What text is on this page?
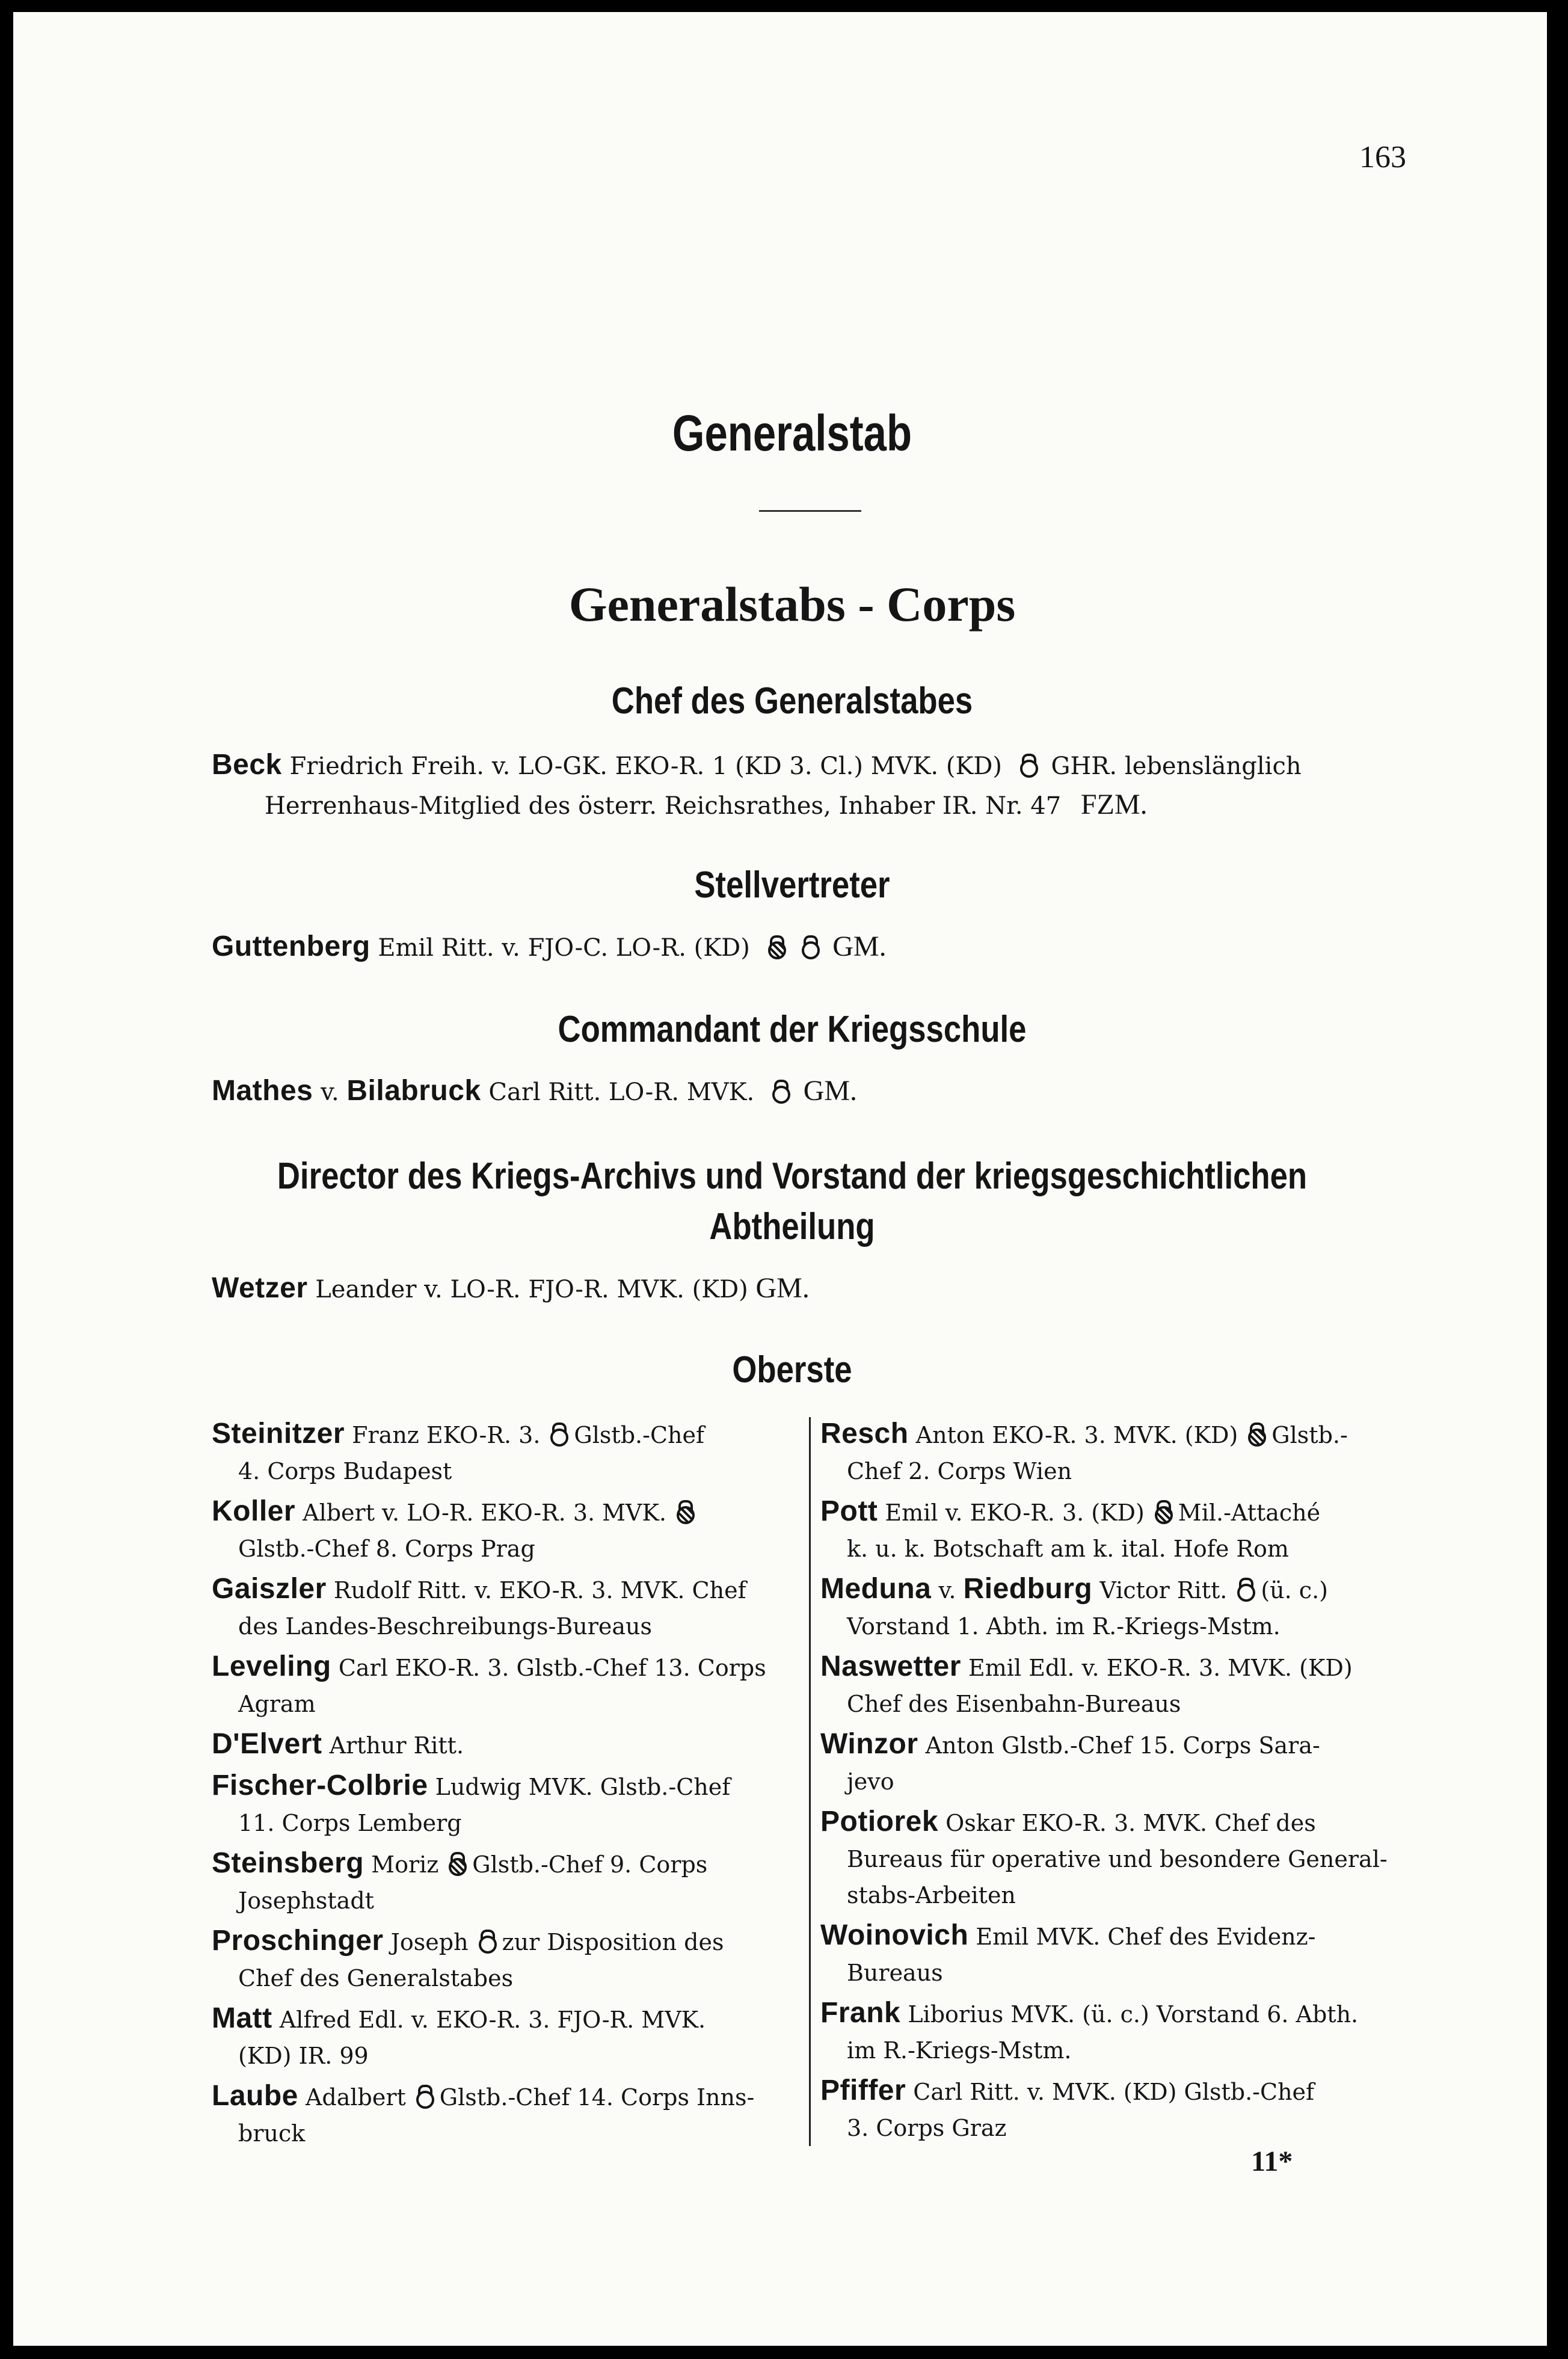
163
Generalstab
Generalstabs - Corps
Chef des Generalstabes
Beck Friedrich Freih. v. LO-GK. EKO-R. 1 (KD 3. Cl.) MVK. (KD) GHR. lebenslänglich
Herrenhaus-Mitglied des österr. Reichsrathes, Inhaber IR. Nr. 47 FZM.
Stellvertreter
Guttenberg Emil Ritt. v. FJO-C. LO-R. (KD)	GM.
Commandant der Kriegsschule
Mathes v. Bilabruck Carl Ritt. LO-R. MVK. GM.
Director des Kriegs-Archivs und Vorstand der kriegsgeschichtlichen
Abtheilung
Wetzer Leander v. LO-R. FJO-R. MVK. (KD) GM.
Oberste
Steinitzer Franz EKO-R. 3. Glstb.-Chef
4. Corps Budapest
Koller Albert v. LO-R. EKO-R. 3. MVK.
Glstb.-Chef 8. Corps Prag
Gaiszler Rudolf Ritt. v. EKO-R. 3. MVK. Chef
des Landes-Beschreibungs-Bureaus
Leveling Carl EKO-R. 3. Glstb.-Chef 13. Corps
Agram
D'Elvert Arthur Ritt.
Fischer-Colbrie Ludwig MVK. Glstb.-Chef
11. Corps Lemberg
Steinsberg Moriz Glstb.-Chef 9. Corps
Josephstadt
Proschinger Joseph zur Disposition des
Chef des Generalstabes
Matt Alfred Edl. v. EKO-R. 3. FJO-R. MVK.
(KD) IR. 99
Laube Adalbert Glstb.-Chef 14. Corps Inns-
bruck
Resch Anton EKO-R. 3. MVK. (KD) Glstb.-
Chef 2. Corps Wien
Pott Emil v. EKO-R. 3. (KD) Mil.-Attaché
k. u. k. Botschaft am k. ital. Hofe Rom
Meduna v. Riedburg Victor Ritt. (ü. c.)
Vorstand 1. Abth. im R.-Kriegs-Mstm.
Naswetter Emil Edl. v. EKO-R. 3. MVK. (KD)
Chef des Eisenbahn-Bureaus
Winzor Anton Glstb.-Chef 15. Corps Sara-
jevo
Potiorek Oskar EKO-R. 3. MVK. Chef des
Bureaus für operative und besondere General-
stabs-Arbeiten
Woinovich Emil MVK. Chef des Evidenz-
Bureaus
Frank Liborius MVK. (ü. c.) Vorstand 6. Abth.
im R.-Kriegs-Mstm.
Pfiffer Carl Ritt. v. MVK. (KD) Glstb.-Chef
3. Corps Graz
11*
